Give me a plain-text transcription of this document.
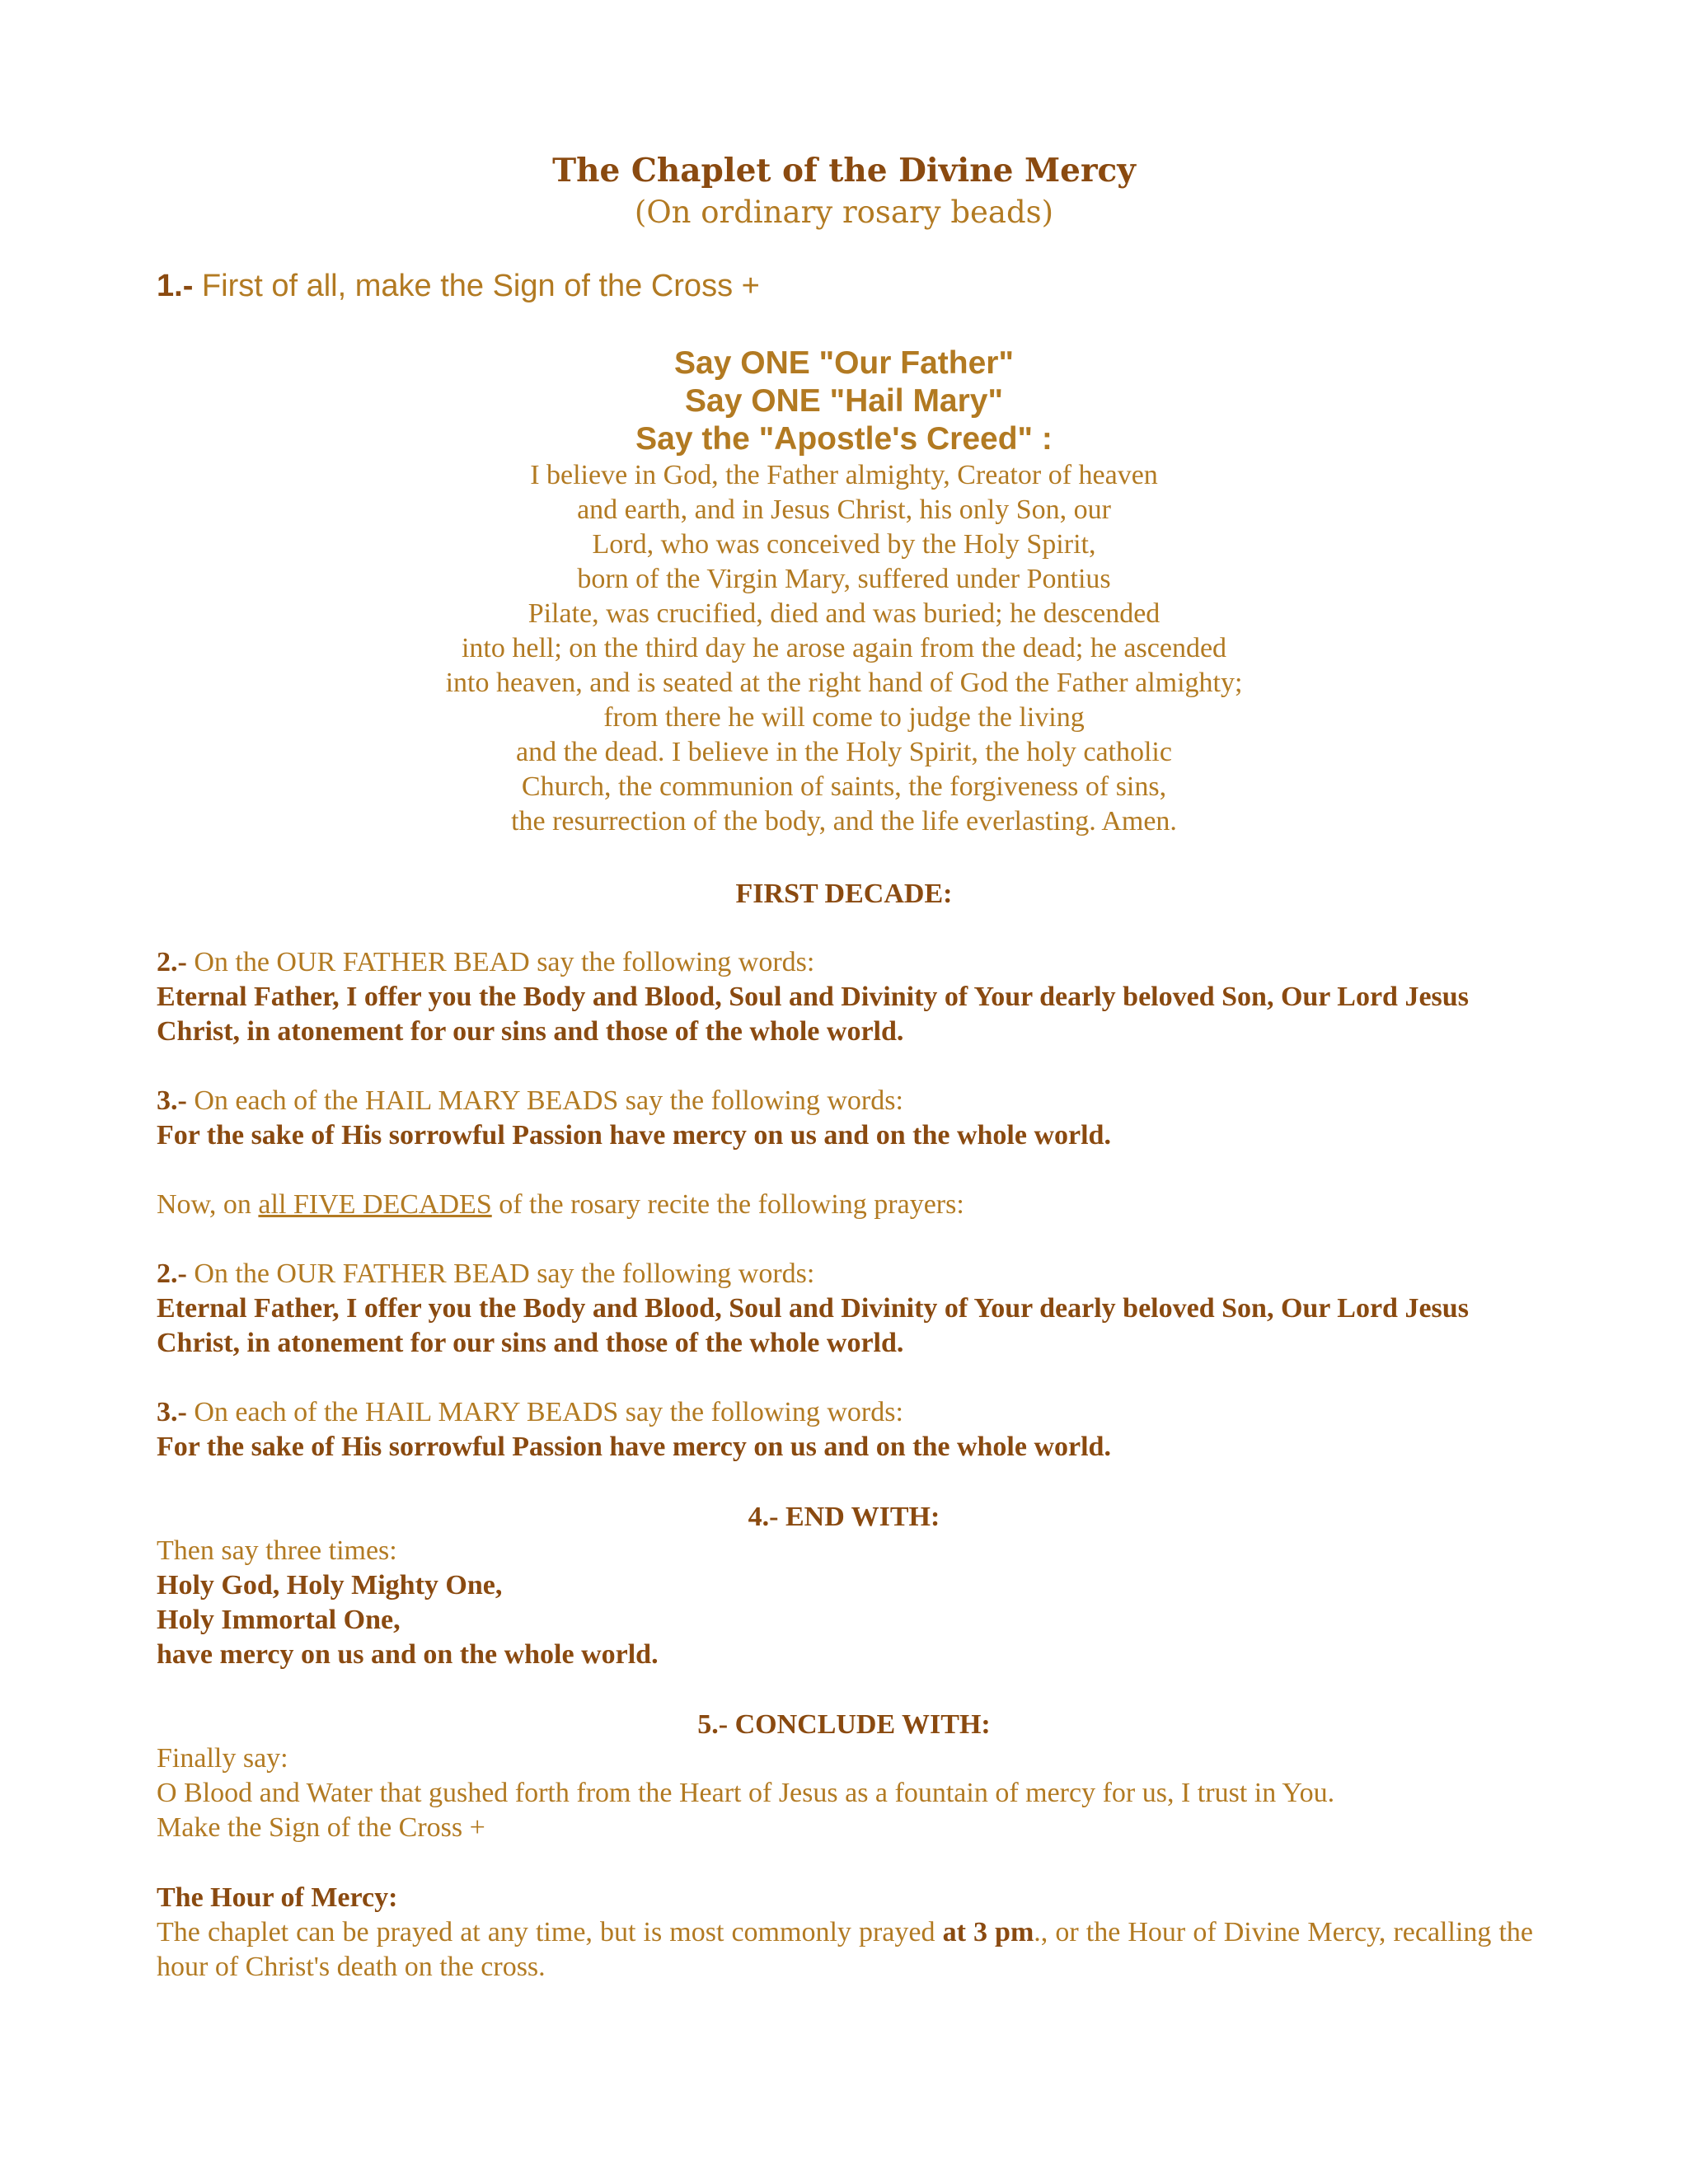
The Chaplet of the Divine Mercy
(On ordinary rosary beads)
1.- First of all, make the Sign of the Cross +
Say ONE "Our Father"
Say ONE "Hail Mary"
Say the "Apostle's Creed" :
I believe in God, the Father almighty, Creator of heaven
and earth, and in Jesus Christ, his only Son, our
Lord, who was conceived by the Holy Spirit,
born of the Virgin Mary, suffered under Pontius
Pilate, was crucified, died and was buried; he descended
into hell; on the third day he arose again from the dead; he ascended
into heaven, and is seated at the right hand of God the Father almighty;
from there he will come to judge the living
and the dead. I believe in the Holy Spirit, the holy catholic
Church, the communion of saints, the forgiveness of sins,
the resurrection of the body, and the life everlasting. Amen.
FIRST DECADE:
2.- On the OUR FATHER BEAD say the following words:
Eternal Father, I offer you the Body and Blood, Soul and Divinity of Your dearly beloved Son, Our Lord Jesus Christ, in atonement for our sins and those of the whole world.
3.- On each of the HAIL MARY BEADS say the following words:
For the sake of His sorrowful Passion have mercy on us and on the whole world.
Now, on all FIVE DECADES of the rosary recite the following prayers:
2.- On the OUR FATHER BEAD say the following words:
Eternal Father, I offer you the Body and Blood, Soul and Divinity of Your dearly beloved Son, Our Lord Jesus Christ, in atonement for our sins and those of the whole world.
3.- On each of the HAIL MARY BEADS say the following words:
For the sake of His sorrowful Passion have mercy on us and on the whole world.
4.- END WITH:
Then say three times:
Holy God, Holy Mighty One,
Holy Immortal One,
have mercy on us and on the whole world.
5.- CONCLUDE WITH:
Finally say:
O Blood and Water that gushed forth from the Heart of Jesus as a fountain of mercy for us, I trust in You.
Make the Sign of the Cross +
The Hour of Mercy:
The chaplet can be prayed at any time, but is most commonly prayed at 3 pm., or the Hour of Divine Mercy, recalling the hour of Christ's death on the cross.
